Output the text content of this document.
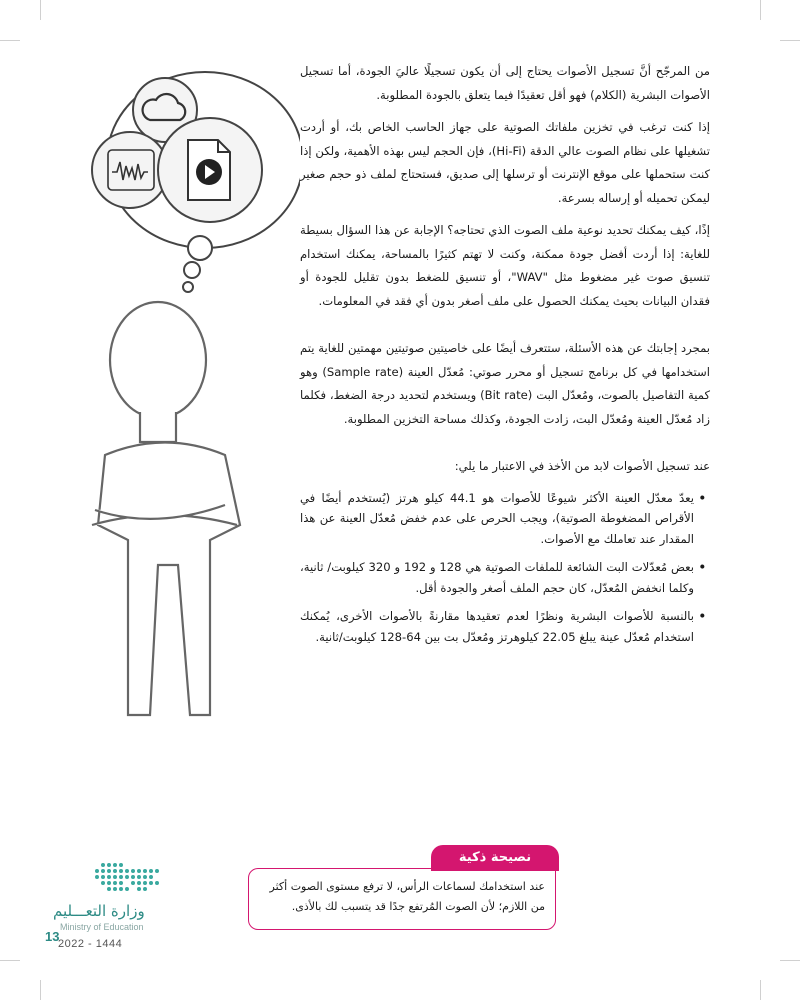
من المرجّح أنَّ تسجيل الأصوات يحتاج إلى أن يكون تسجيلًا عاليَ الجودة، أما تسجيل الأصوات البشرية (الكلام) فهو أقل تعقيدًا فيما يتعلق بالجودة المطلوبة.

إذا كنت ترغب في تخزين ملفاتك الصوتية على جهاز الحاسب الخاص بك، أو أردت تشغيلها على نظام الصوت عالي الدقة (Hi-Fi)، فإن الحجم ليس بهذه الأهمية، ولكن إذا كنت ستحملها على موقع الإنترنت أو ترسلها إلى صديق، فستحتاج لملف ذو حجم صغير ليمكن تحميله أو إرساله بسرعة.

إذًا، كيف يمكنك تحديد نوعية ملف الصوت الذي تحتاجه؟ الإجابة عن هذا السؤال بسيطة للغاية: إذا أردت أفضل جودة ممكنة، وكنت لا تهتم كثيرًا بالمساحة، يمكنك استخدام تنسيق صوت غير مضغوط مثل "WAV"، أو تنسيق للضغط بدون تقليل للجودة أو فقدان البيانات بحيث يمكنك الحصول على ملف أصغر بدون أي فقد في المعلومات.

بمجرد إجابتك عن هذه الأسئلة، ستتعرف أيضًا على خاصيتين صوتيتين مهمتين للغاية يتم استخدامها في كل برنامج تسجيل أو محرر صوتي: مُعدّل العينة (Sample rate) وهو كمية التفاصيل بالصوت، ومُعدّل البت (Bit rate) ويستخدم لتحديد درجة الضغط، فكلما زاد مُعدّل العينة ومُعدّل البت، زادت الجودة، وكذلك مساحة التخزين المطلوبة.

عند تسجيل الأصوات لابد من الأخذ في الاعتبار ما يلي:

• يعدّ معدّل العينة الأكثر شيوعًا للأصوات هو 44.1 كيلو هرتز (يُستخدم أيضًا في الأقراص المضغوطة الصوتية)، ويجب الحرص على عدم خفض مُعدّل العينة عن هذا المقدار عند تعاملك مع الأصوات.
• بعض مُعدّلات البت الشائعة للملفات الصوتية هي 128 و 192 و 320 كيلوبت/ ثانية، وكلما انخفض المُعدّل، كان حجم الملف أصغر والجودة أقل.
• بالنسبة للأصوات البشرية ونظرًا لعدم تعقيدها مقارنةً بالأصوات الأخرى، يُمكنك استخدام مُعدّل عينة يبلغ 22.05 كيلوهرتز ومُعدّل بت بين 64-128 كيلوبت/ثانية.
عند استخدامك لسماعات الرأس، لا ترفع مستوى الصوت أكثر من اللازم؛ لأن الصوت المُرتفع جدًا قد يتسبب لك بالأذى.
نصيحة ذكية
وزارة التعـــليم
Ministry of Education
13
2022 - 1444
